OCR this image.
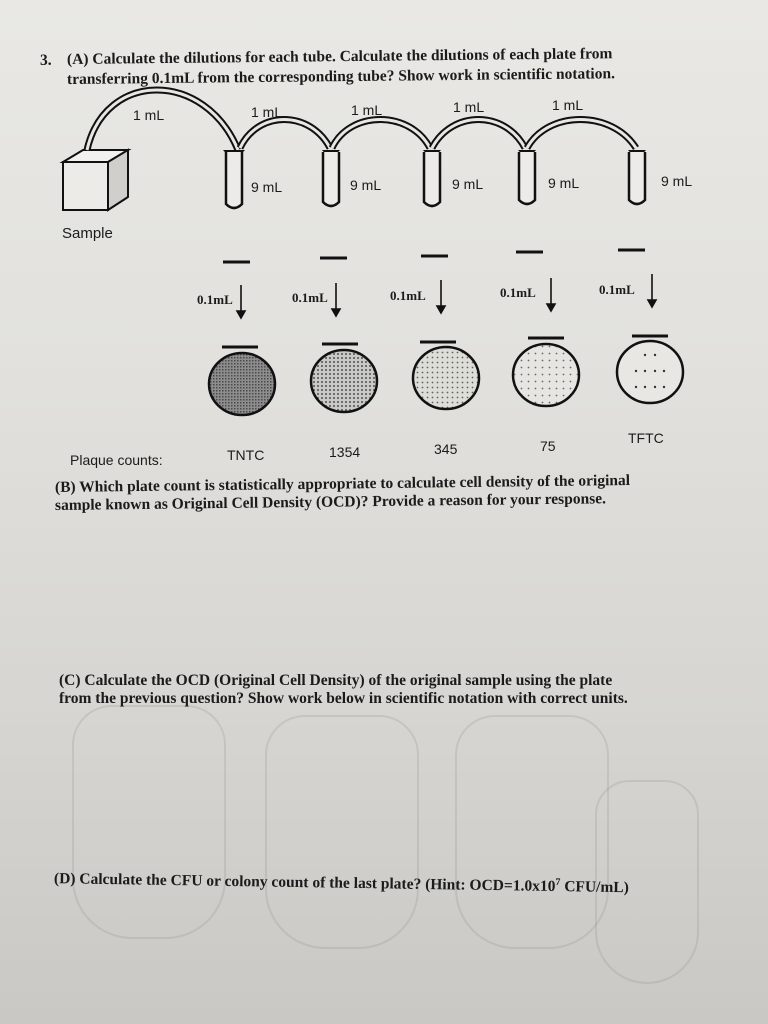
3. (A) Calculate the dilutions for each tube. Calculate the dilutions of each plate from
transferring 0.1mL from the corresponding tube? Show work in scientific notation.
Sample
1 mL	1 mL	1 mL	1 mL	1 mL
9 mL	9 mL	9 mL	9 mL	9 mL
0.1mL	0.1mL	0.1mL	0.1mL	0.1mL
Plaque counts:	TNTC	1354	345	75	TFTC
(B) Which plate count is statistically appropriate to calculate cell density of the original
sample known as Original Cell Density (OCD)? Provide a reason for your response.
(C) Calculate the OCD (Original Cell Density) of the original sample using the plate
from the previous question? Show work below in scientific notation with correct units.
(D) Calculate the CFU or colony count of the last plate? (Hint: $OCD=1.0x10^7$ CFU/mL)
